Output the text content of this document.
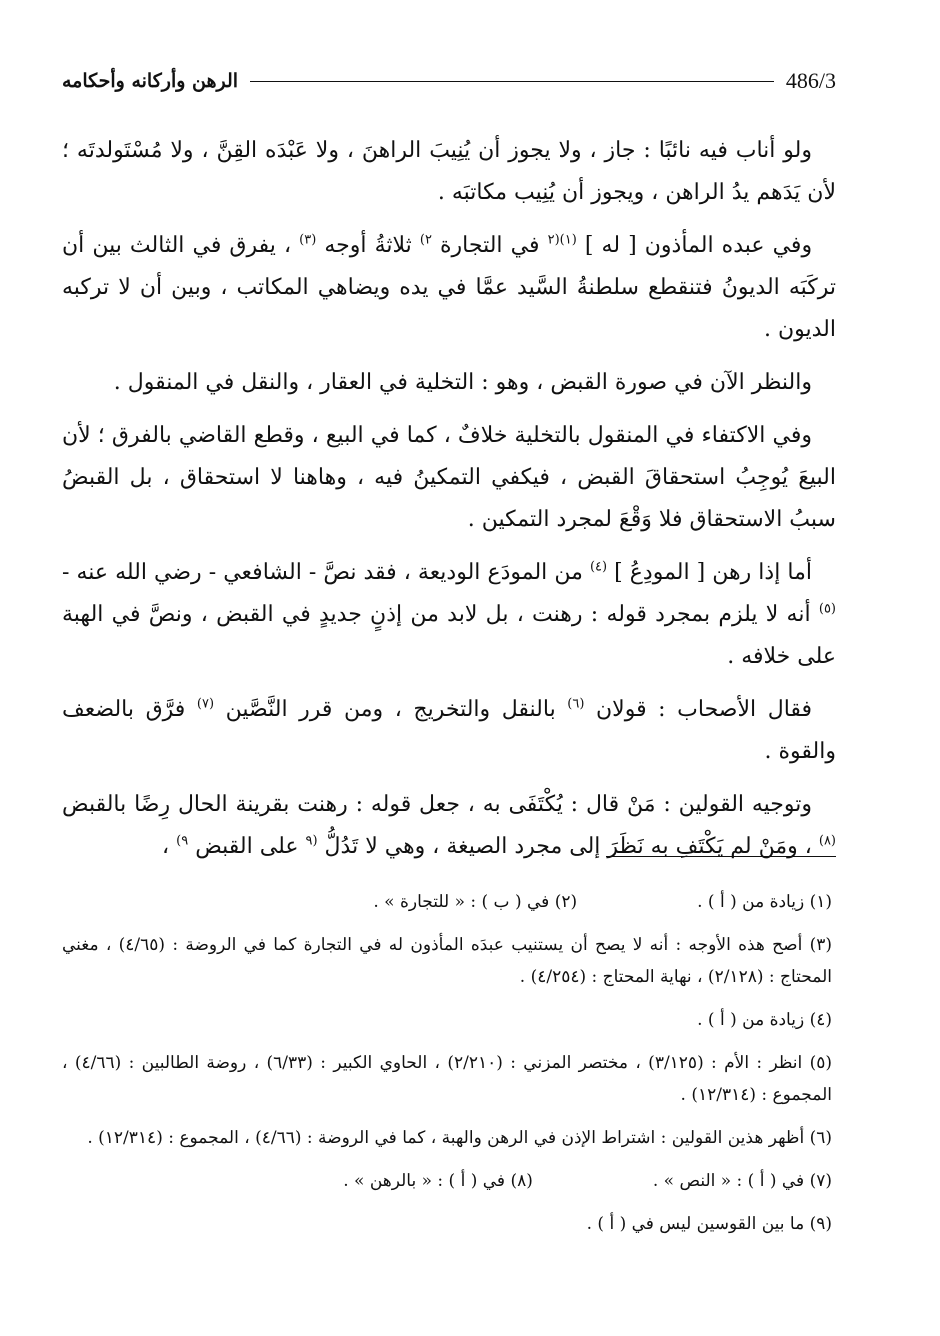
الرهن وأركانه وأحكامه	486/3

ولو أناب فيه نائبًا : جاز ، ولا يجوز أن يُنِيبَ الراهنَ ، ولا عَبْدَه القِنَّ ، ولا مُسْتَولدتَه ؛ لأن يَدَهم يدُ الراهن ، ويجوز أن يُنِيب مكاتبَه .

وفي عبده المأذون [ له ] $^{(١)(٢}$ في التجارة $^{٢)}$ ثلاثةُ أوجه $^{(٣)}$ ، يفرق في الثالث بين أن تركَبَه الديونُ فتنقطع سلطنةُ السَّيد عمَّا في يده ويضاهي المكاتب ، وبين أن لا تركبه الديون .

والنظر الآن في صورة القبض ، وهو : التخلية في العقار ، والنقل في المنقول .

وفي الاكتفاء في المنقول بالتخلية خلافٌ ، كما في البيع ، وقطع القاضي بالفرق ؛ لأن البيعَ يُوجِبُ استحقاقَ القبض ، فيكفي التمكينُ فيه ، وهاهنا لا استحقاق ، بل القبضُ سببُ الاستحقاق فلا وَقْعَ لمجرد التمكين .

أما إذا رهن [ المودِعُ ] $^{(٤)}$ من المودَع الوديعة ، فقد نصَّ - الشافعي - رضي الله عنه - $^{(٥)}$ أنه لا يلزم بمجرد قوله : رهنت ، بل لابد من إذنٍ جديدٍ في القبض ، ونصَّ في الهبة على خلافه .

فقال الأصحاب : قولان $^{(٦)}$ بالنقل والتخريج ، ومن قرر النَّصَّين $^{(٧)}$ فرَّق بالضعف والقوة .

وتوجيه القولين : مَنْ قال : يُكْتَفَى به ، جعل قوله : رهنت بقرينة الحال رِضًا بالقبض $^{(٨)}$ ، ومَنْ لم يَكْتَفِ به نَظَرَ إلى مجرد الصيغة ، وهي لا تَدُلُّ $^{(٩}$ على القبض $^{٩)}$ ،

(١) زيادة من ( أ ) .
(٢) في ( ب ) : « للتجارة » .
(٣) أصح هذه الأوجه : أنه لا يصح أن يستنيب عبدَه المأذون له في التجارة كما في الروضة : (٤/٦٥) ، مغني المحتاج : (٢/١٢٨) ، نهاية المحتاج : (٤/٢٥٤) .
(٤) زيادة من ( أ ) .
(٥) انظر : الأم : (٣/١٢٥) ، مختصر المزني : (٢/٢١٠) ، الحاوي الكبير : (٦/٣٣) ، روضة الطالبين : (٤/٦٦) ، المجموع : (١٢/٣١٤) .
(٦) أظهر هذين القولين : اشتراط الإذن في الرهن والهبة ، كما في الروضة : (٤/٦٦) ، المجموع : (١٢/٣١٤) .
(٧) في ( أ ) : « النص » .
(٨) في ( أ ) : « بالرهن » .
(٩) ما بين القوسين ليس في ( أ ) .
